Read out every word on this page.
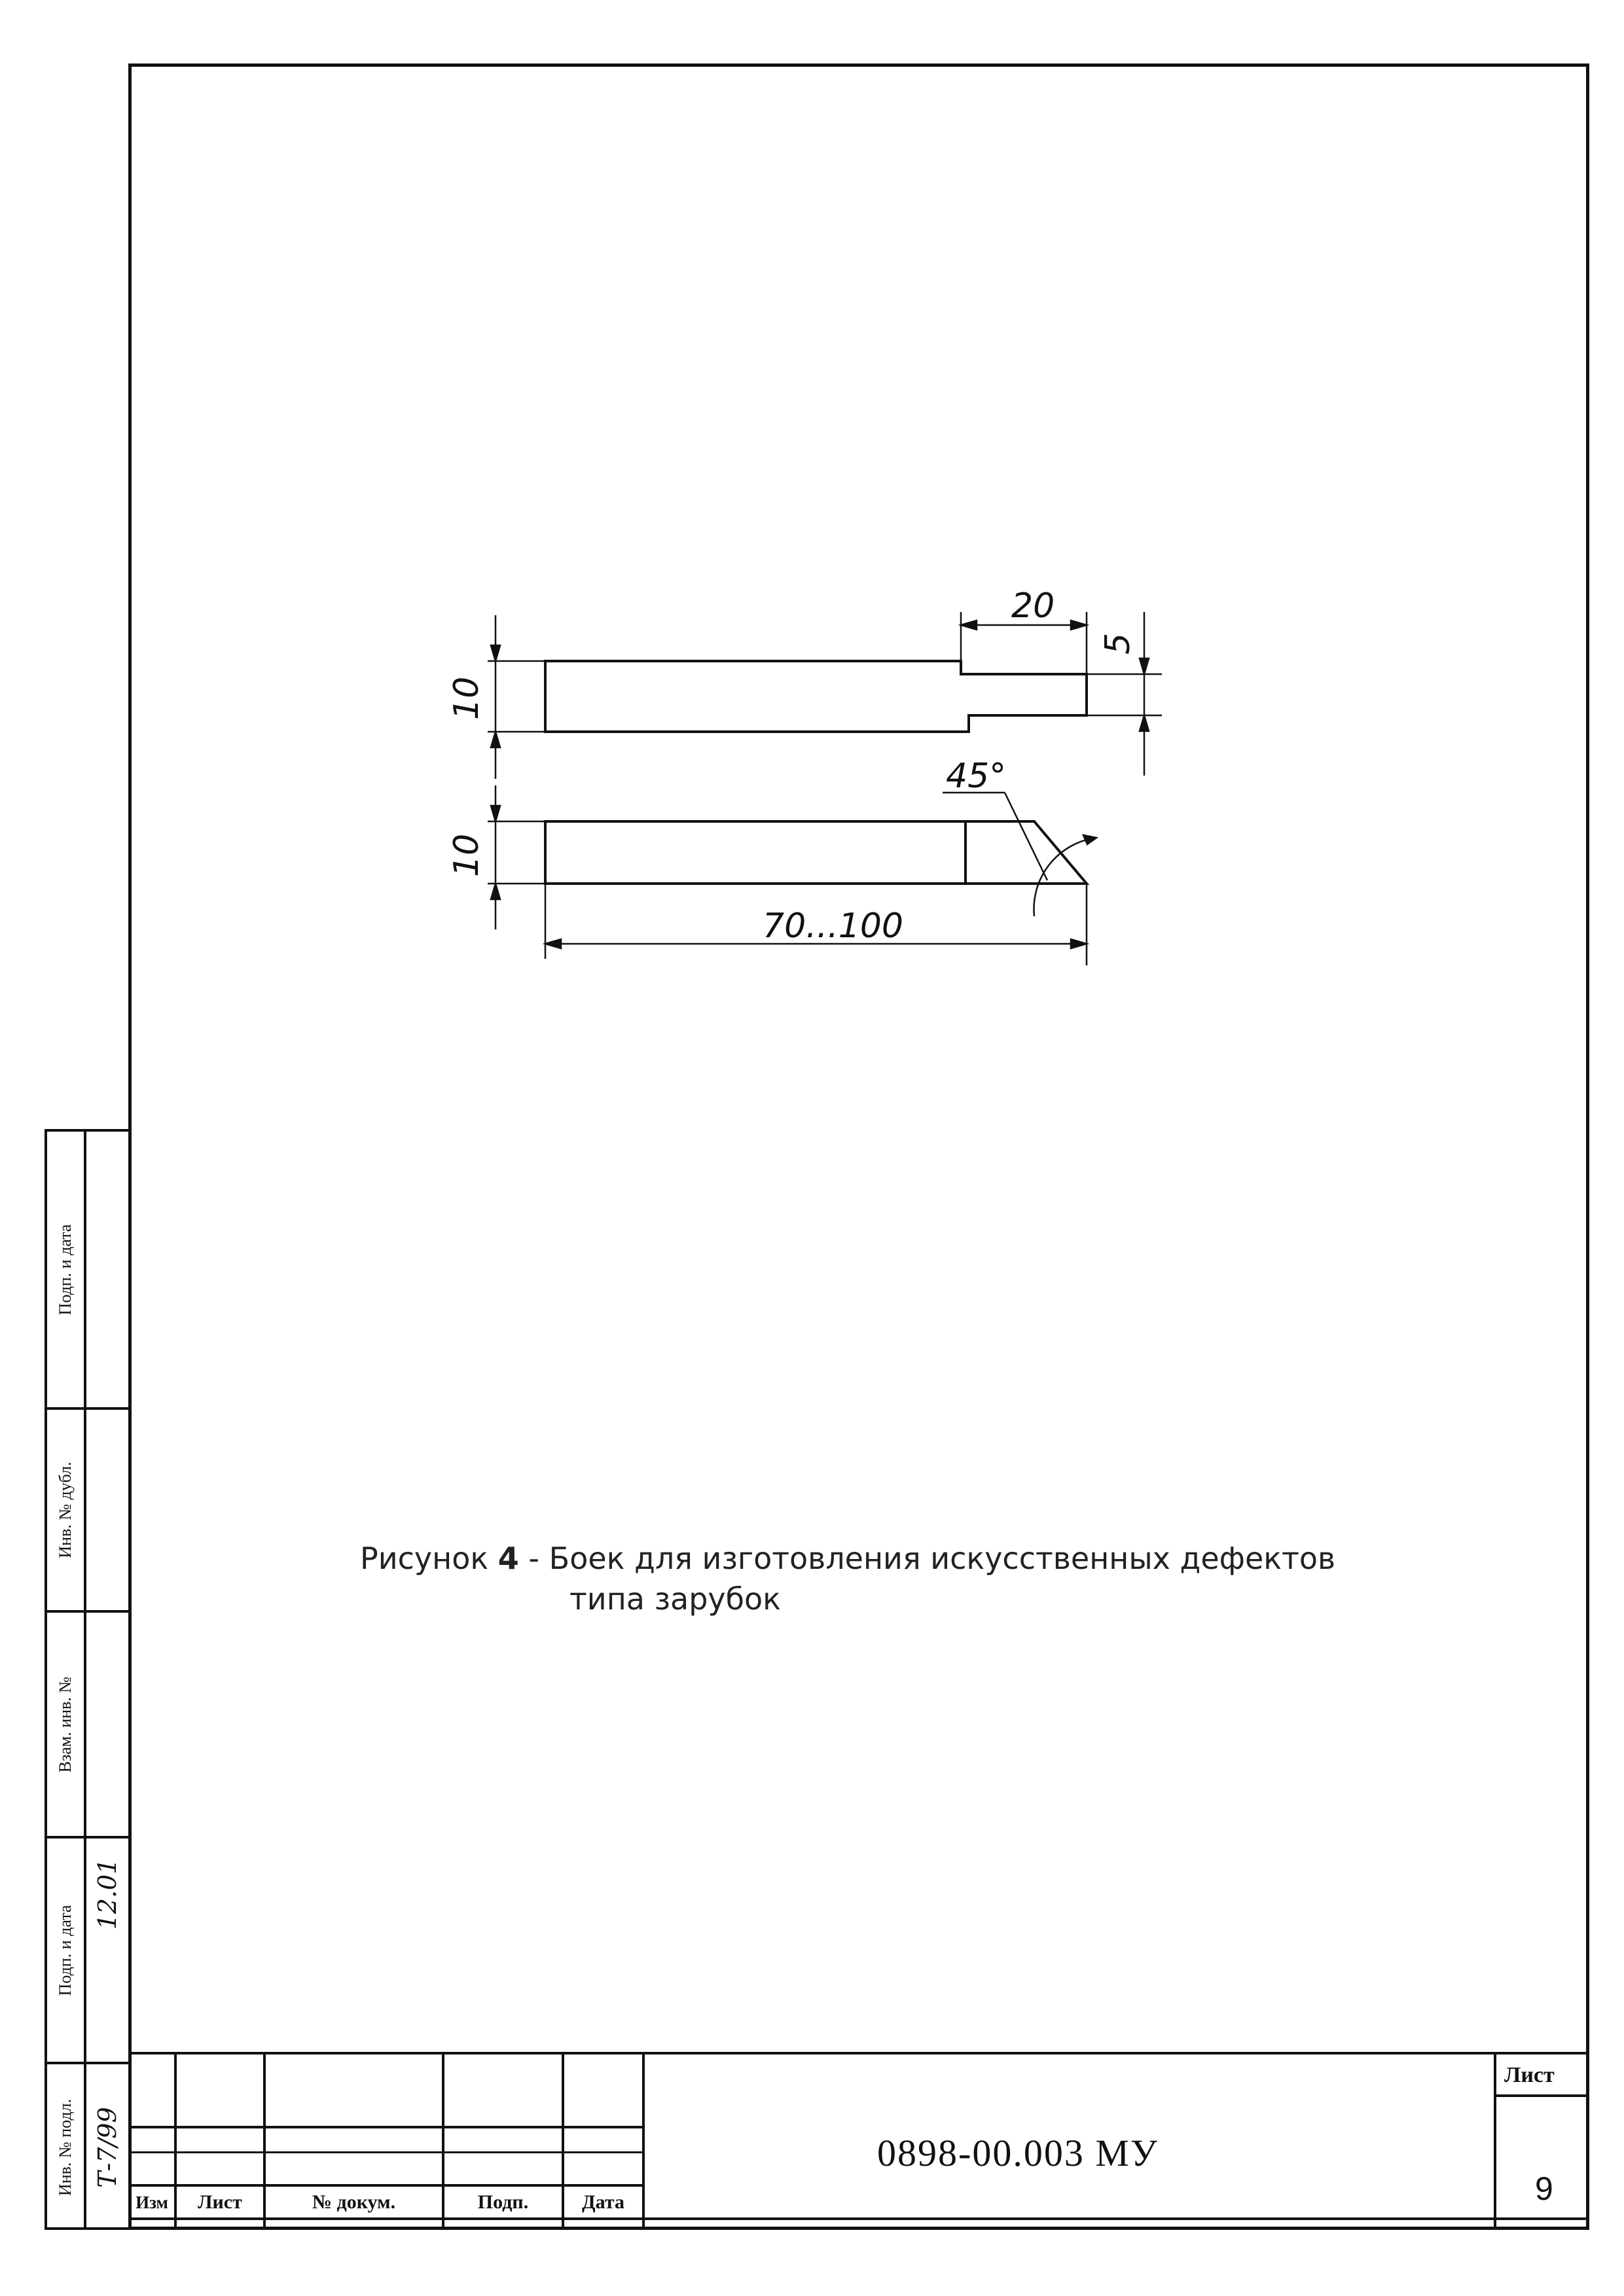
20
5
10
10
45°
70...100
Рисунок 4 - Боек для изготовления искусственных дефектов
типа зарубок
Подп. и дата
Инв. № дубл.
Взам. инв. №
Подп. и дата
Инв. № подл.
12.01
Т-7/99
Изм	Лист	№ докум.	Подп.	Дата
0898-00.003 МУ
Лист
9
